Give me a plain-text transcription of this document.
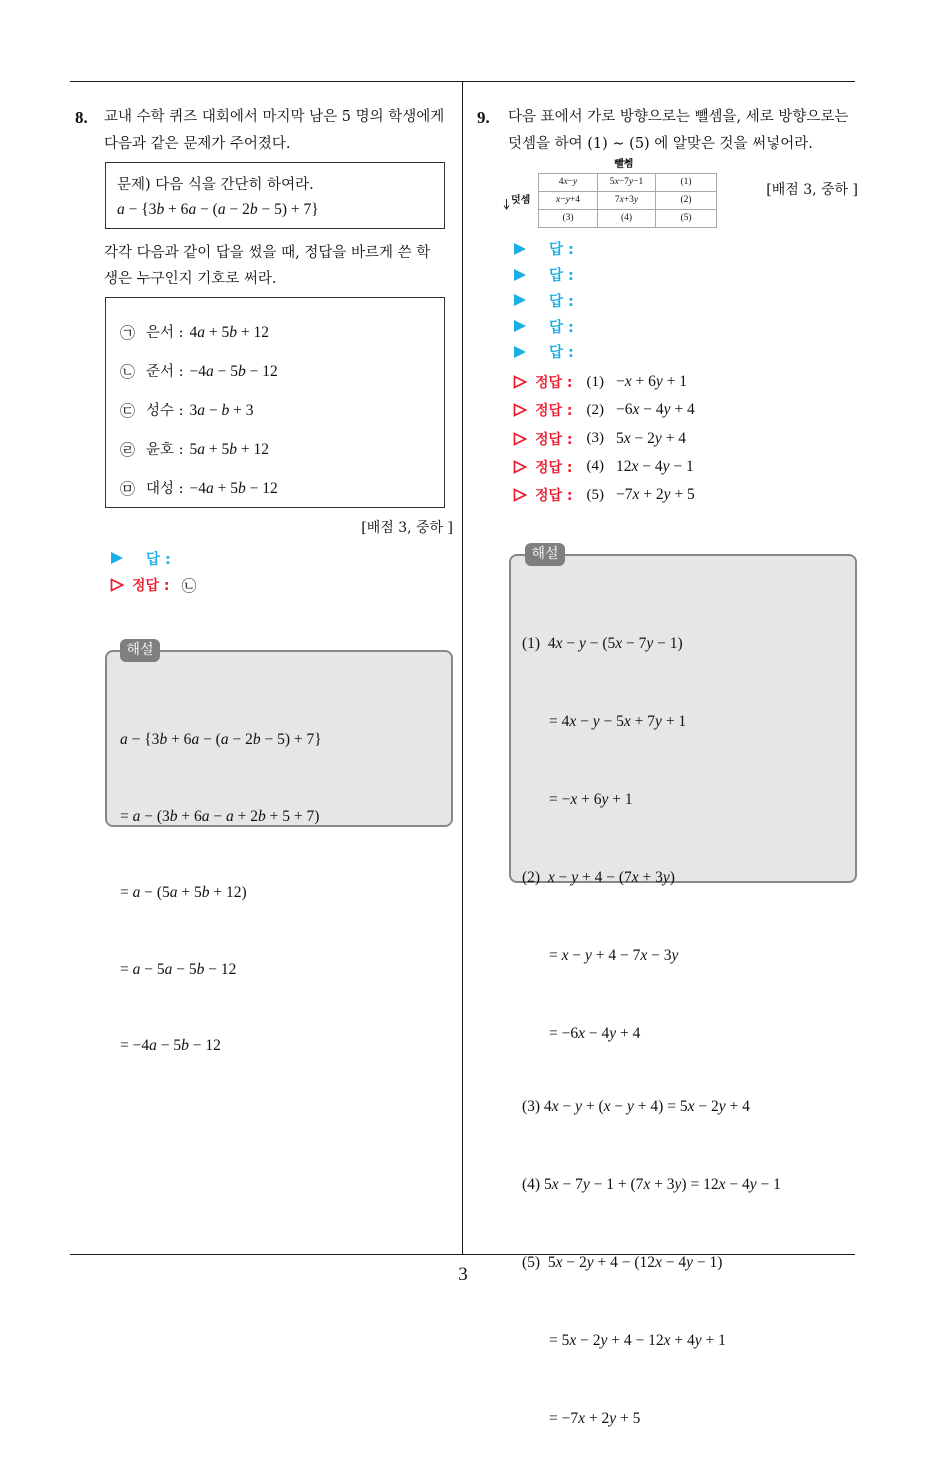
8. 교내 수학 퀴즈 대회에서 마지막 남은 5 명의 학생에게
다음과 같은 문제가 주어졌다.
문제) 다음 식을 간단히 하여라.
a − {3b + 6a − (a − 2b − 5) + 7}
각각 다음과 같이 답을 썼을 때, 정답을 바르게 쓴 학
생은 누구인지 기호로 써라.
㉠ 은서 : 4a + 5b + 12
㉡ 준서 : −4a − 5b − 12
㉢ 성수 : 3a − b + 3
㉣ 윤호 : 5a + 5b + 12
㉤ 대성 : −4a + 5b − 12
[배점 3, 중하 ]
답 :
정답 : ㉡

a − {3b + 6a − (a − 2b − 5) + 7}

= a − (3b + 6a − a + 2b + 5 + 7)

= a − (5a + 5b + 12)

= a − 5a − 5b − 12

= −4a − 5b − 12

해설
9. 다음 표에서 가로 방향으로는 뺄셈을, 세로 방향으로는
덧셈을 하여 (1) ∼ (5) 에 알맞은 것을 써넣어라.
뺄셈
덧셈
4x−y	5x−7y−1	(1)
x−y+4	7x+3y	(2)
(3)	(4)	(5)
[배점 3, 중하 ]
답 :
답 :
답 :
답 :
답 :
정답 : (1) −x + 6y + 1
정답 : (2) −6x − 4y + 4
정답 : (3) 5x − 2y + 4
정답 : (4) 12x − 4y − 1
정답 : (5) −7x + 2y + 5

(1)  4x − y − (5x − 7y − 1)

= 4x − y − 5x + 7y + 1

= −x + 6y + 1

(2)  x − y + 4 − (7x + 3y)

= x − y + 4 − 7x − 3y

= −6x − 4y + 4

(3) 4x − y + (x − y + 4) = 5x − 2y + 4

(4) 5x − 7y − 1 + (7x + 3y) = 12x − 4y − 1

(5)  5x − 2y + 4 − (12x − 4y − 1)

= 5x − 2y + 4 − 12x + 4y + 1

= −7x + 2y + 5

해설
3
